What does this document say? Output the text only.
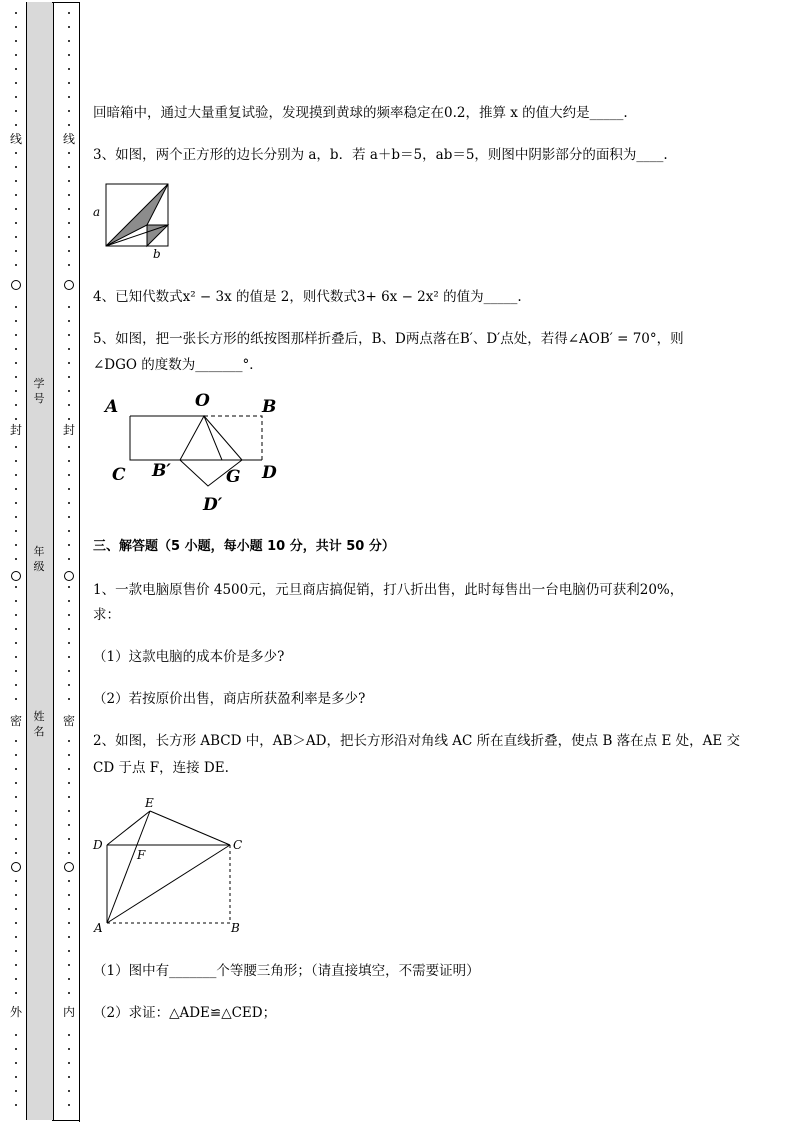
线
封
密
外
线
封
密
内
学号
年级
姓名
回暗箱中，通过大量重复试验，发现摸到黄球的频率稳定在0.2，推算 x 的值大约是_____.
3、如图，两个正方形的边长分别为 a，b．若 a＋b＝5，ab＝5，则图中阴影部分的面积为____.
a
b
4、已知代数式x² − 3x 的值是 2，则代数式3+ 6x − 2x² 的值为_____.
5、如图，把一张长方形的纸按图那样折叠后，B、D两点落在B′、D′点处，若得∠AOB′ = 70°，则
∠DGO 的度数为_______°．
A	O	B
C B′	G D
D′
三、解答题（5 小题，每小题 10 分，共计 50 分）
1、一款电脑原售价 4500元，元旦商店搞促销，打八折出售，此时每售出一台电脑仍可获利20%，
求：
（1）这款电脑的成本价是多少?
（2）若按原价出售，商店所获盈利率是多少?
2、如图，长方形 ABCD 中，AB＞AD，把长方形沿对角线 AC 所在直线折叠，使点 B 落在点 E 处，AE 交
CD 于点 F，连接 DE.
E
D
F
C
A	B
（1）图中有_______个等腰三角形；（请直接填空，不需要证明）
（2）求证：△ADE≌△CED；
